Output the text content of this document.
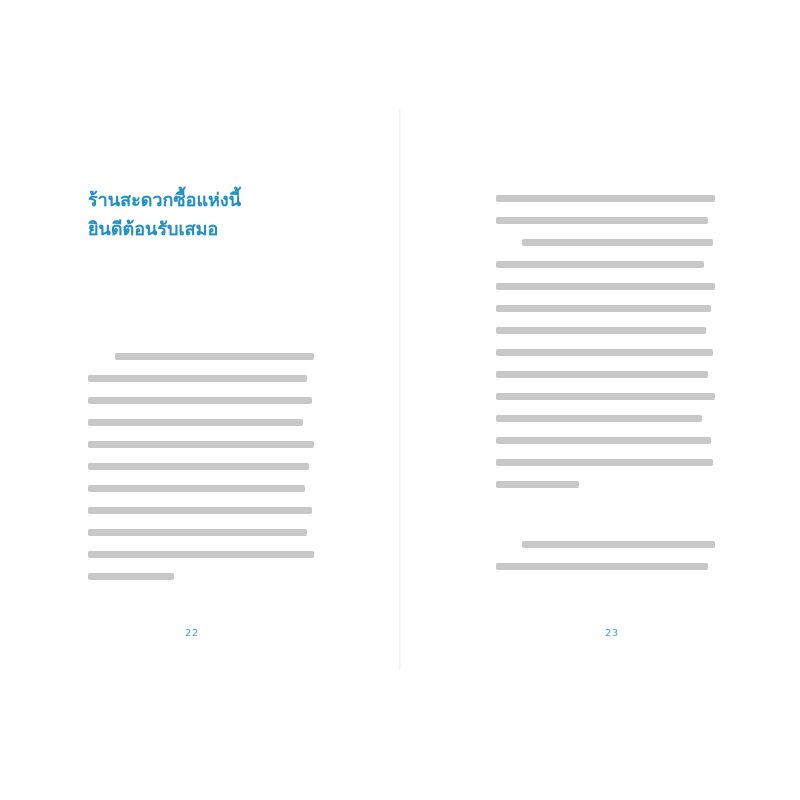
ร้านสะดวกซื้อแห่งนี้
ยินดีต้อนรับเสมอ
22	23
